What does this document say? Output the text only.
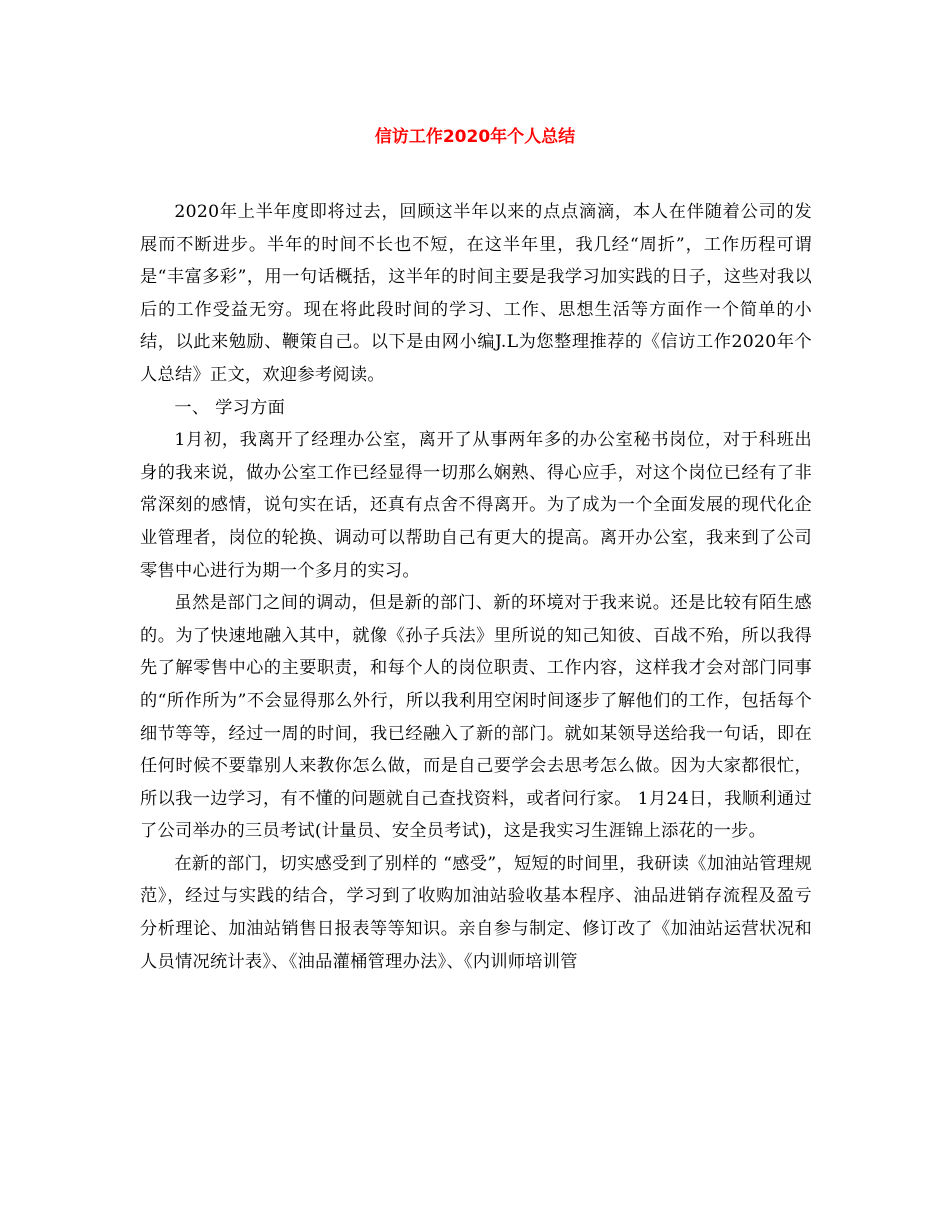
信访工作2020年个人总结

2020年上半年度即将过去，回顾这半年以来的点点滴滴，本人在伴随着公司的发展而不断进步。半年的时间不长也不短，在这半年里，我几经“周折”，工作历程可谓是“丰富多彩”，用一句话概括，这半年的时间主要是我学习加实践的日子，这些对我以后的工作受益无穷。现在将此段时间的学习、工作、思想生活等方面作一个简单的小结，以此来勉励、鞭策自己。以下是由网小编J.L为您整理推荐的《信访工作2020年个人总结》正文，欢迎参考阅读。

一、 学习方面

1月初，我离开了经理办公室，离开了从事两年多的办公室秘书岗位，对于科班出身的我来说，做办公室工作已经显得一切那么娴熟、得心应手，对这个岗位已经有了非常深刻的感情，说句实在话，还真有点舍不得离开。为了成为一个全面发展的现代化企业管理者，岗位的轮换、调动可以帮助自己有更大的提高。离开办公室，我来到了公司零售中心进行为期一个多月的实习。

虽然是部门之间的调动，但是新的部门、新的环境对于我来说。还是比较有陌生感的。为了快速地融入其中，就像《孙子兵法》里所说的知己知彼、百战不殆，所以我得先了解零售中心的主要职责，和每个人的岗位职责、工作内容，这样我才会对部门同事的“所作所为”不会显得那么外行，所以我利用空闲时间逐步了解他们的工作，包括每个细节等等，经过一周的时间，我已经融入了新的部门。就如某领导送给我一句话，即在任何时候不要靠别人来教你怎么做，而是自己要学会去思考怎么做。因为大家都很忙，所以我一边学习，有不懂的问题就自己查找资料，或者问行家。 1月24日，我顺利通过了公司举办的三员考试(计量员、安全员考试)，这是我实习生涯锦上添花的一步。

在新的部门，切实感受到了别样的 “感受”，短短的时间里，我研读《加油站管理规范》，经过与实践的结合，学习到了收购加油站验收基本程序、油品进销存流程及盈亏分析理论、加油站销售日报表等等知识。亲自参与制定、修订改了《加油站运营状况和人员情况统计表》、《油品灌桶管理办法》、《内训师培训管
